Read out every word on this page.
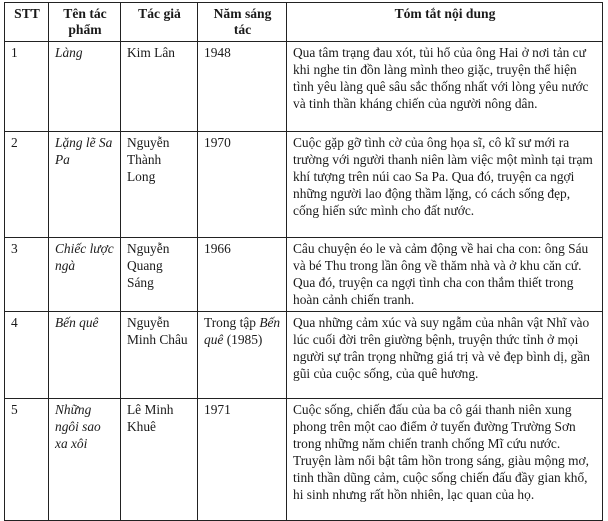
STT	Tên tác phẩm	Tác giả	Năm sáng tác	Tóm tắt nội dung
1	Làng	Kim Lân	1948	Qua tâm trạng đau xót, tủi hổ của ông Hai ở nơi tản cư khi nghe tin đồn làng mình theo giặc, truyện thể hiện tình yêu làng quê sâu sắc thống nhất với lòng yêu nước và tinh thần kháng chiến của người nông dân.
2	Lặng lẽ Sa Pa	Nguyễn Thành Long	1970	Cuộc gặp gỡ tình cờ của ông họa sĩ, cô kĩ sư mới ra trường với người thanh niên làm việc một mình tại trạm khí tượng trên núi cao Sa Pa. Qua đó, truyện ca ngợi những người lao động thầm lặng, có cách sống đẹp, cống hiến sức mình cho đất nước.
3	Chiếc lược ngà	Nguyễn Quang Sáng	1966	Câu chuyện éo le và cảm động về hai cha con: ông Sáu và bé Thu trong lần ông về thăm nhà và ở khu căn cứ. Qua đó, truyện ca ngợi tình cha con thắm thiết trong hoàn cảnh chiến tranh.
4	Bến quê	Nguyễn Minh Châu	Trong tập Bến quê (1985)	Qua những cảm xúc và suy ngẫm của nhân vật Nhĩ vào lúc cuối đời trên giường bệnh, truyện thức tỉnh ở mọi người sự trân trọng những giá trị và vẻ đẹp bình dị, gần gũi của cuộc sống, của quê hương.
5	Những ngôi sao xa xôi	Lê Minh Khuê	1971	Cuộc sống, chiến đấu của ba cô gái thanh niên xung phong trên một cao điểm ở tuyến đường Trường Sơn trong những năm chiến tranh chống Mĩ cứu nước. Truyện làm nổi bật tâm hồn trong sáng, giàu mộng mơ, tinh thần dũng cảm, cuộc sống chiến đấu đầy gian khổ, hi sinh nhưng rất hồn nhiên, lạc quan của họ.
